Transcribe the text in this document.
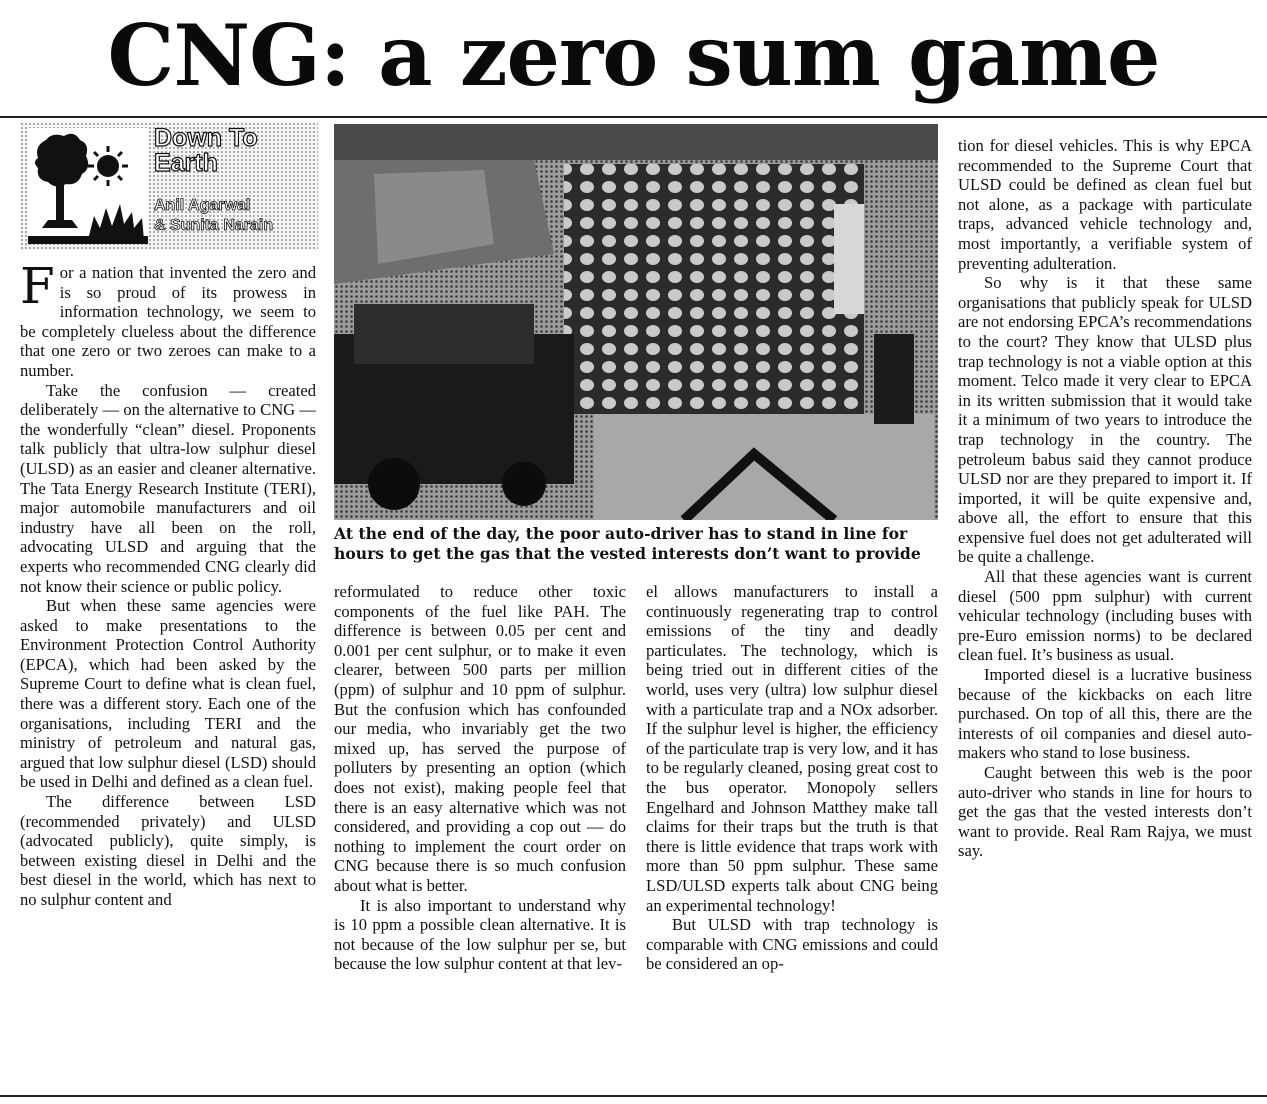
CNG: a zero sum game
Down To
Earth
Anil Agarwal
& Sunita Narain
At the end of the day, the poor auto-driver has to stand in line for
hours to get the gas that the vested interests don’t want to provide

For a nation that invented the zero and is so proud of its prowess in information technology, we seem to be completely clueless about the difference that one zero or two zeroes can make to a number.

Take the confusion — created deliberately — on the alternative to CNG — the wonderfully “clean” diesel. Proponents talk publicly that ultra-low sulphur diesel (ULSD) as an easier and cleaner alternative. The Tata Energy Research Institute (TERI), major automobile manufacturers and oil industry have all been on the roll, advocating ULSD and arguing that the experts who recommended CNG clearly did not know their science or public policy.

But when these same agencies were asked to make presentations to the Environment Protection Control Authority (EPCA), which had been asked by the Supreme Court to define what is clean fuel, there was a different story. Each one of the organisations, including TERI and the ministry of petroleum and natural gas, argued that low sulphur diesel (LSD) should be used in Delhi and defined as a clean fuel.

The difference between LSD (recommended privately) and ULSD (advocated publicly), quite simply, is between existing diesel in Delhi and the best diesel in the world, which has next to no sulphur content and

reformulated to reduce other toxic components of the fuel like PAH. The difference is between 0.05 per cent and 0.001 per cent sulphur, or to make it even clearer, between 500 parts per million (ppm) of sulphur and 10 ppm of sulphur. But the confusion which has confounded our media, who invariably get the two mixed up, has served the purpose of polluters by presenting an option (which does not exist), making people feel that there is an easy alternative which was not considered, and providing a cop out — do nothing to implement the court order on CNG because there is so much confusion about what is better.

It is also important to understand why is 10 ppm a possible clean alternative. It is not because of the low sulphur per se, but because the low sulphur content at that lev-

el allows manufacturers to install a continuously regenerating trap to control emissions of the tiny and deadly particulates. The technology, which is being tried out in different cities of the world, uses very (ultra) low sulphur diesel with a particulate trap and a NOx adsorber. If the sulphur level is higher, the efficiency of the particulate trap is very low, and it has to be regularly cleaned, posing great cost to the bus operator. Monopoly sellers Engelhard and Johnson Matthey make tall claims for their traps but the truth is that there is little evidence that traps work with more than 50 ppm sulphur. These same LSD/ULSD experts talk about CNG being an experimental technology!

But ULSD with trap technology is comparable with CNG emissions and could be considered an op-

tion for diesel vehicles. This is why EPCA recommended to the Supreme Court that ULSD could be defined as clean fuel but not alone, as a package with particulate traps, advanced vehicle technology and, most importantly, a verifiable system of preventing adulteration.

So why is it that these same organisations that publicly speak for ULSD are not endorsing EPCA’s recommendations to the court? They know that ULSD plus trap technology is not a viable option at this moment. Telco made it very clear to EPCA in its written submission that it would take it a minimum of two years to introduce the trap technology in the country. The petroleum babus said they cannot produce ULSD nor are they prepared to import it. If imported, it will be quite expensive and, above all, the effort to ensure that this expensive fuel does not get adulterated will be quite a challenge.

All that these agencies want is current diesel (500 ppm sulphur) with current vehicular technology (including buses with pre-Euro emission norms) to be declared clean fuel. It’s business as usual.

Imported diesel is a lucrative business because of the kickbacks on each litre purchased. On top of all this, there are the interests of oil companies and diesel auto-makers who stand to lose business.

Caught between this web is the poor auto-driver who stands in line for hours to get the gas that the vested interests don’t want to provide. Real Ram Rajya, we must say.
